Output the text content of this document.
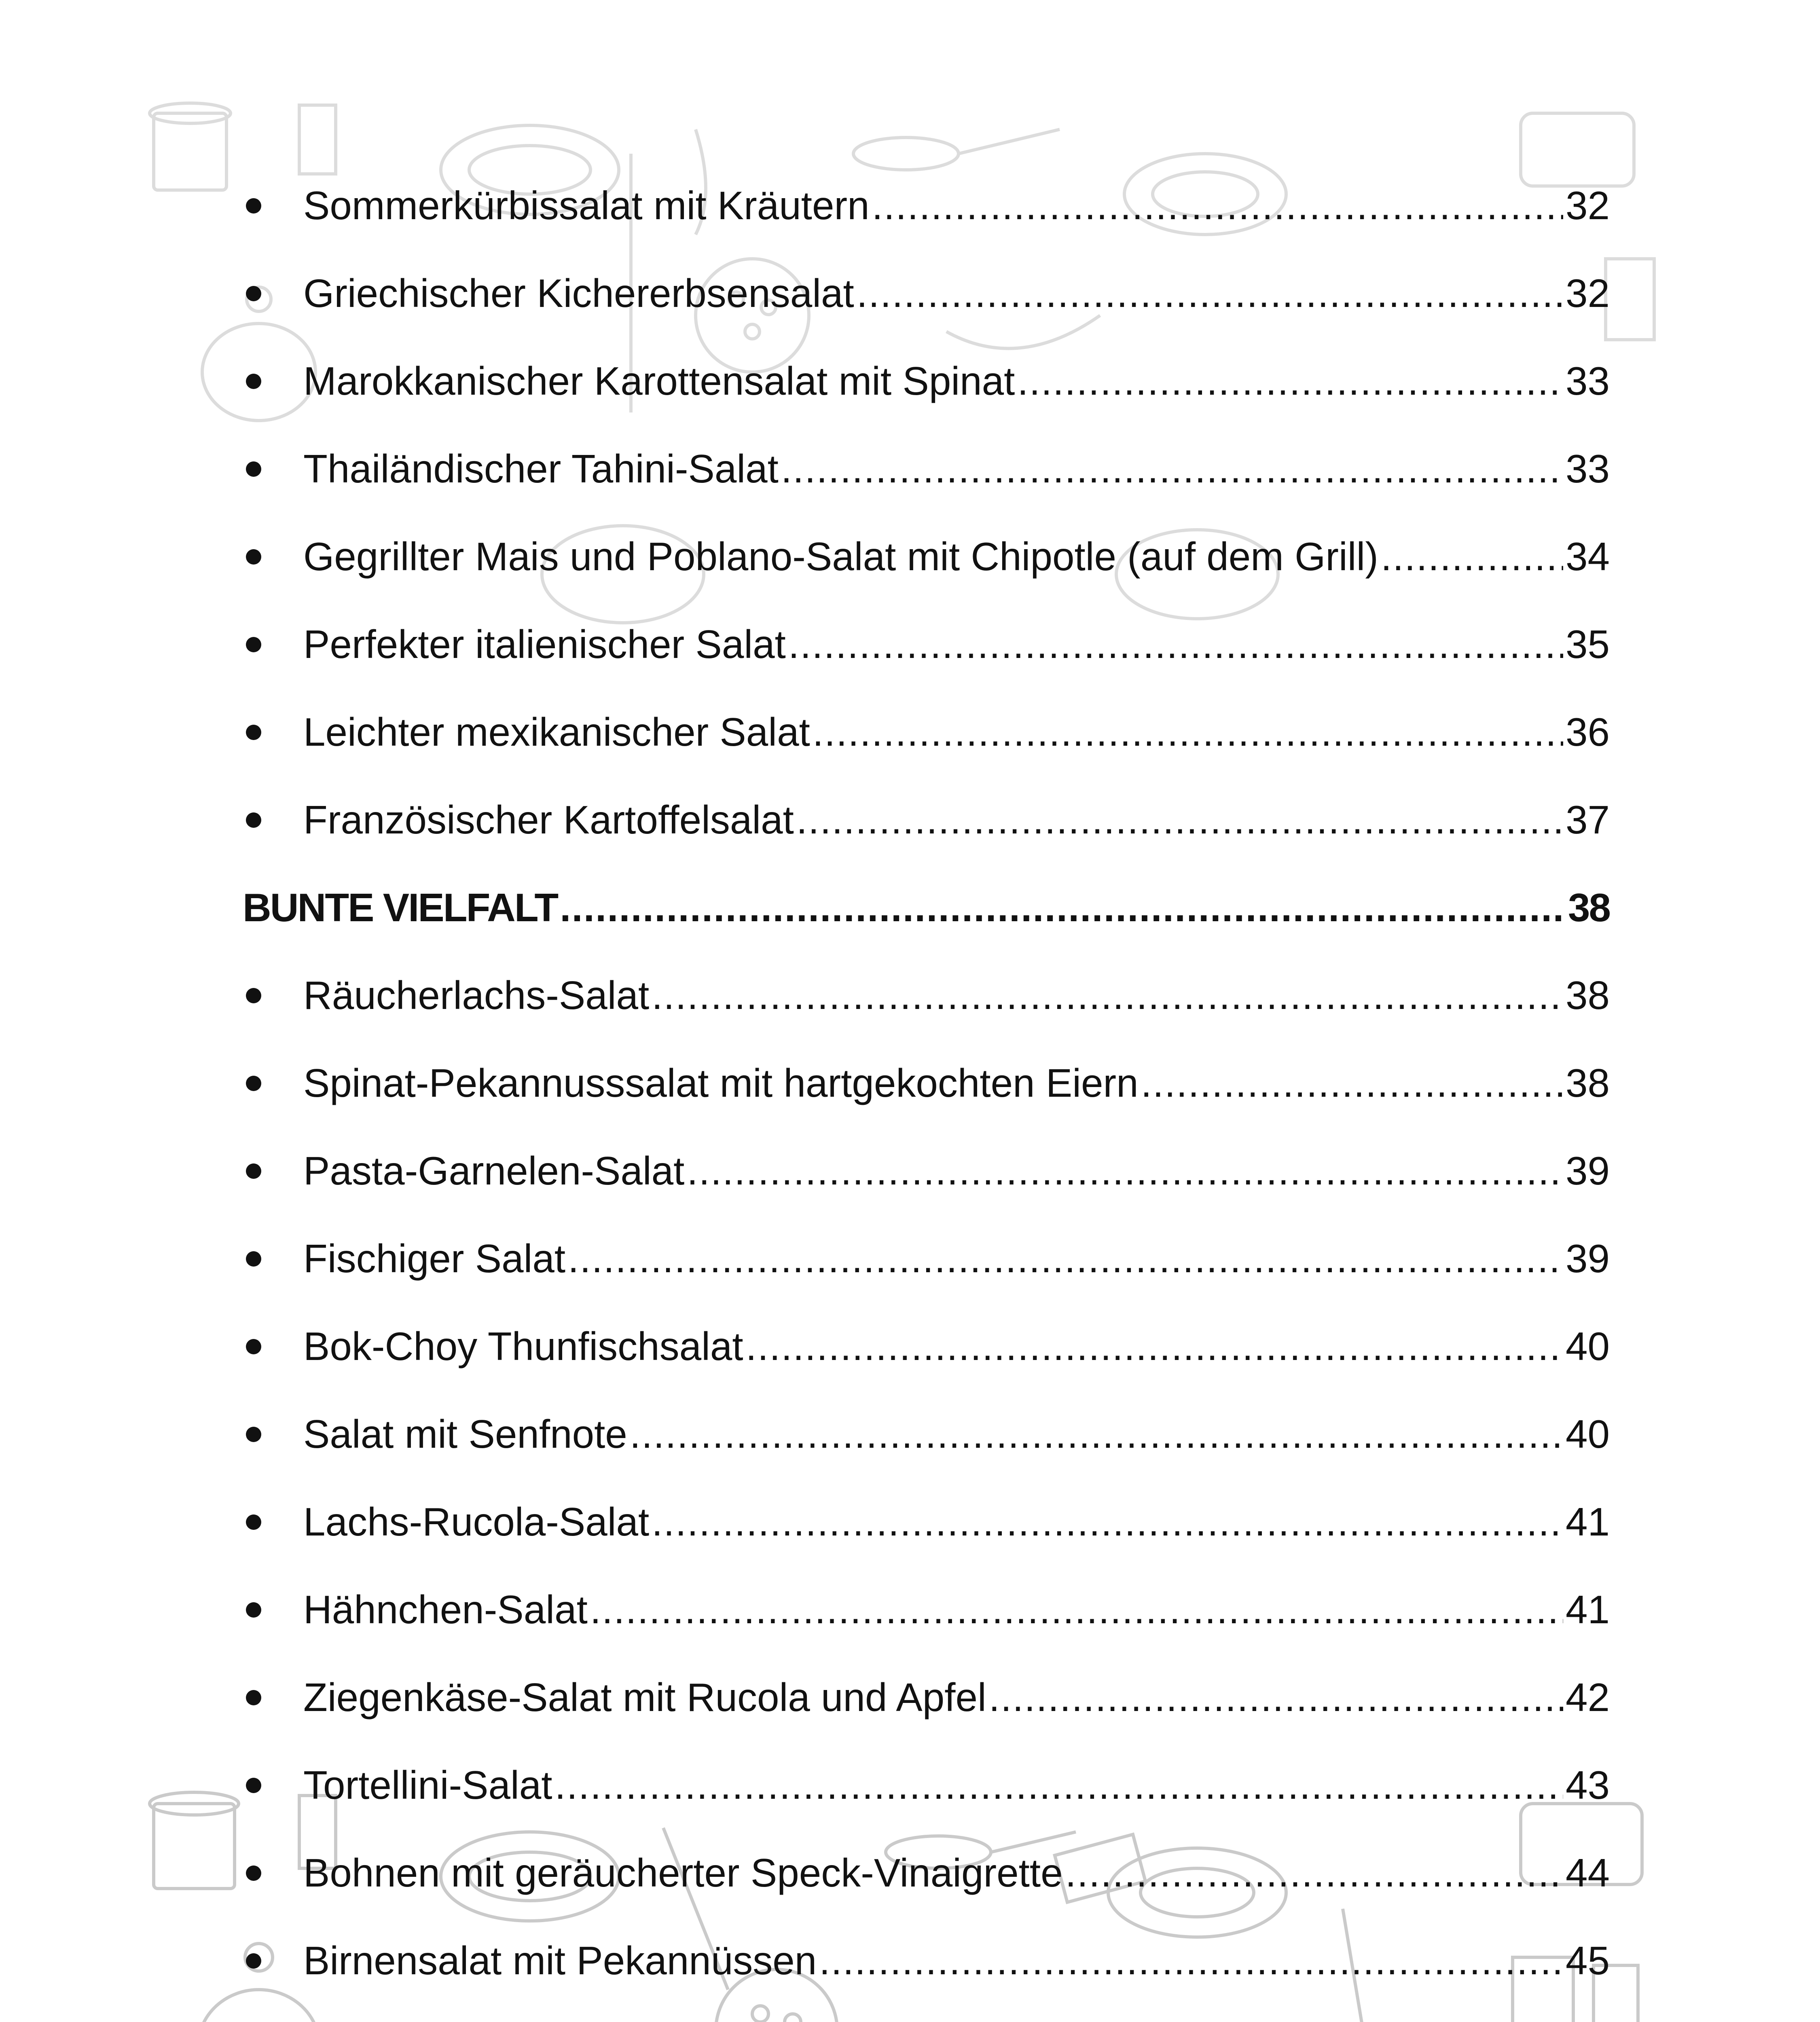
Sommerkürbissalat mit Kräutern .....	32
Griechischer Kichererbsensalat .....	32
Marokkanischer Karottensalat mit Spinat .....	33
Thailändischer Tahini-Salat .....	33
Gegrillter Mais und Poblano-Salat mit Chipotle (auf dem Grill) .....	34
Perfekter italienischer Salat .....	35
Leichter mexikanischer Salat .....	36
Französischer Kartoffelsalat .....	37
BUNTE VIELFALT .....	38
Räucherlachs-Salat .....	38
Spinat-Pekannusssalat mit hartgekochten Eiern .....	38
Pasta-Garnelen-Salat .....	39
Fischiger Salat .....	39
Bok-Choy Thunfischsalat .....	40
Salat mit Senfnote .....	40
Lachs-Rucola-Salat .....	41
Hähnchen-Salat .....	41
Ziegenkäse-Salat mit Rucola und Apfel .....	42
Tortellini-Salat .....	43
Bohnen mit geräucherter Speck-Vinaigrette .....	44
Birnensalat mit Pekannüssen .....	45
.....
